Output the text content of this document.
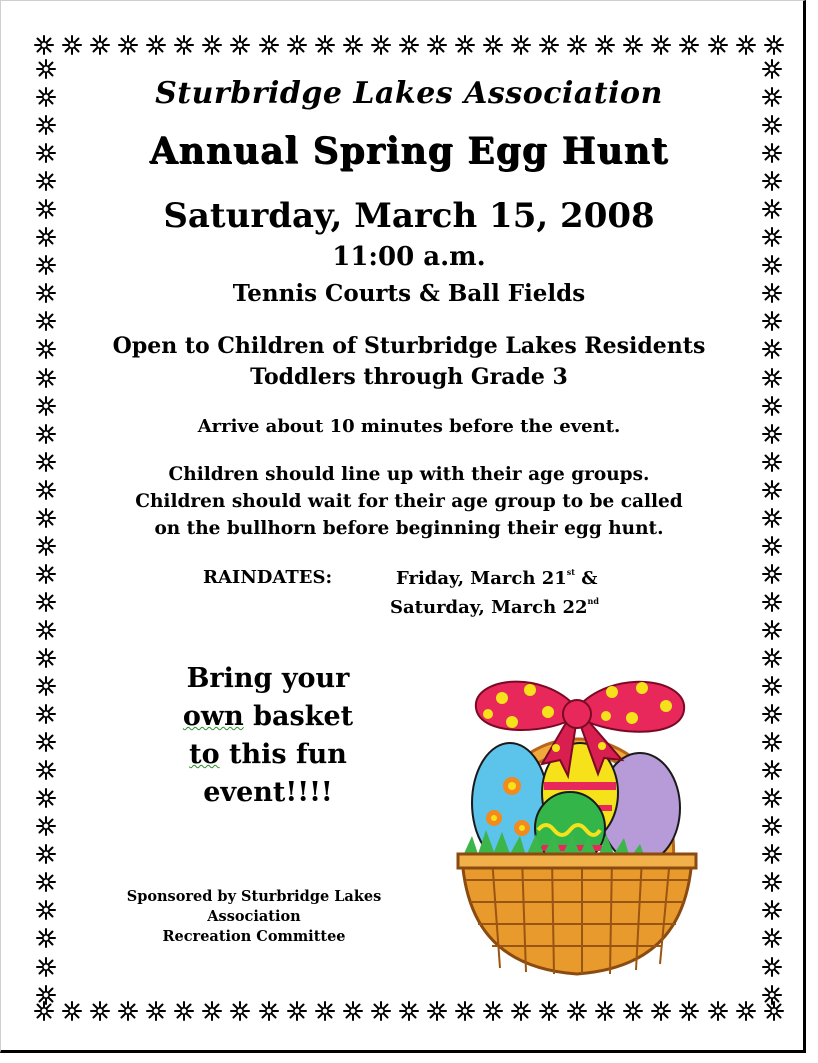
Sturbridge Lakes Association
Annual Spring Egg Hunt
Saturday, March 15, 2008
11:00 a.m.
Tennis Courts & Ball Fields
Open to Children of Sturbridge Lakes Residents
Toddlers through Grade 3
Arrive about 10 minutes before the event.
Children should line up with their age groups.
Children should wait for their age group to be called
on the bullhorn before beginning their egg hunt.
RAINDATES:	Friday, March 21st &
Saturday, March 22nd
Bring your
own basket
to this fun
event!!!!
Sponsored by Sturbridge Lakes Association
Recreation Committee
